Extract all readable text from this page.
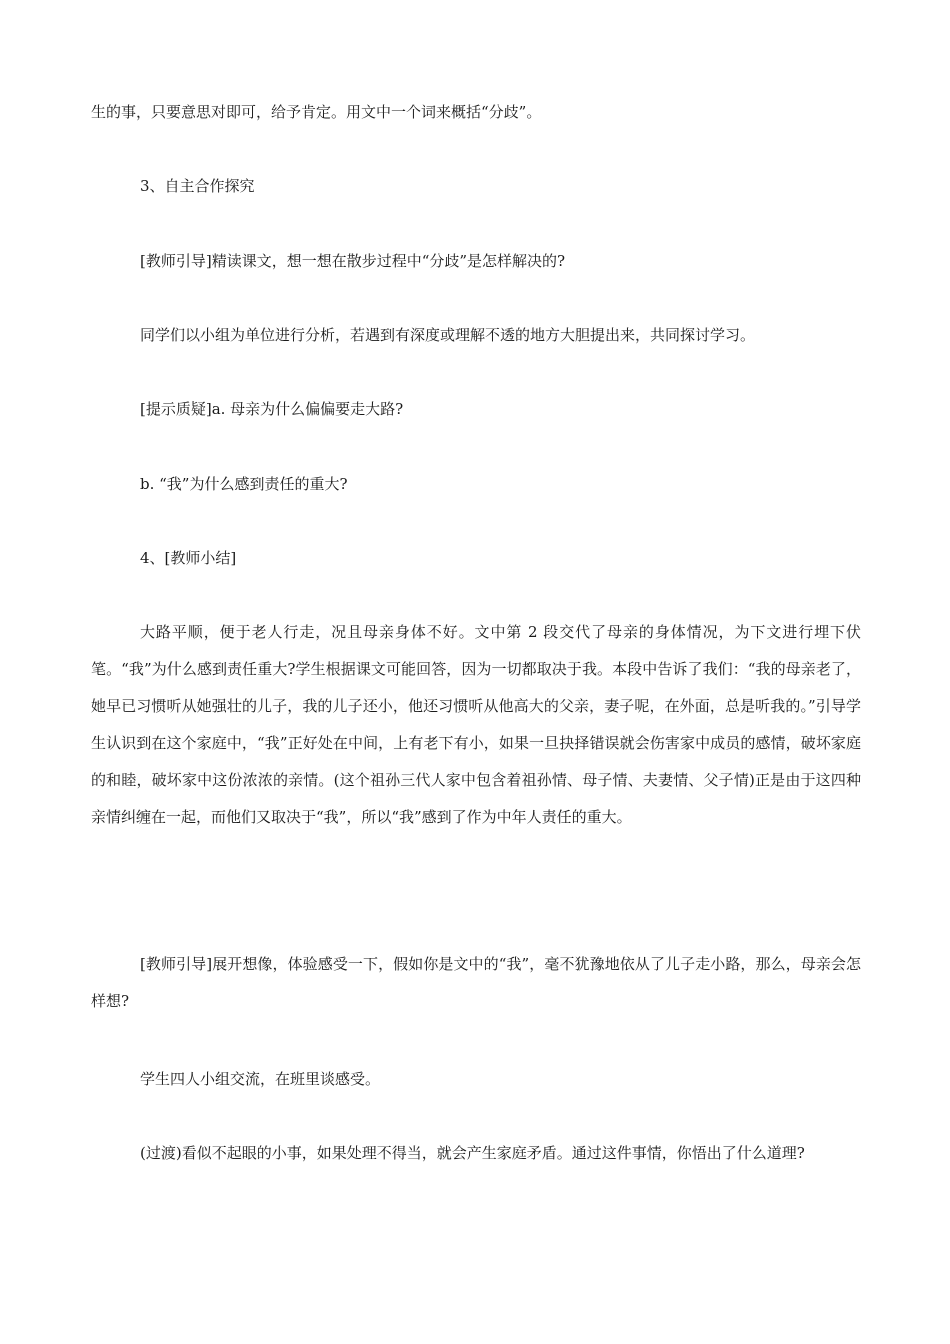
生的事，只要意思对即可，给予肯定。用文中一个词来概括“分歧”。

3、自主合作探究

[教师引导]精读课文，想一想在散步过程中“分歧”是怎样解决的?

同学们以小组为单位进行分析，若遇到有深度或理解不透的地方大胆提出来，共同探讨学习。

[提示质疑]a. 母亲为什么偏偏要走大路?

b. “我”为什么感到责任的重大?

4、[教师小结]

大路平顺，便于老人行走，况且母亲身体不好。文中第 2 段交代了母亲的身体情况，为下文进行埋下伏笔。“我”为什么感到责任重大?学生根据课文可能回答，因为一切都取决于我。本段中告诉了我们：“我的母亲老了，她早已习惯听从她强壮的儿子，我的儿子还小，他还习惯听从他高大的父亲，妻子呢，在外面，总是听我的。”引导学生认识到在这个家庭中，“我”正好处在中间，上有老下有小，如果一旦抉择错误就会伤害家中成员的感情，破坏家庭的和睦，破坏家中这份浓浓的亲情。(这个祖孙三代人家中包含着祖孙情、母子情、夫妻情、父子情)正是由于这四种亲情纠缠在一起，而他们又取决于“我”，所以“我”感到了作为中年人责任的重大。

[教师引导]展开想像，体验感受一下，假如你是文中的“我”，毫不犹豫地依从了儿子走小路，那么，母亲会怎样想?

学生四人小组交流，在班里谈感受。

(过渡)看似不起眼的小事，如果处理不得当，就会产生家庭矛盾。通过这件事情，你悟出了什么道理?
